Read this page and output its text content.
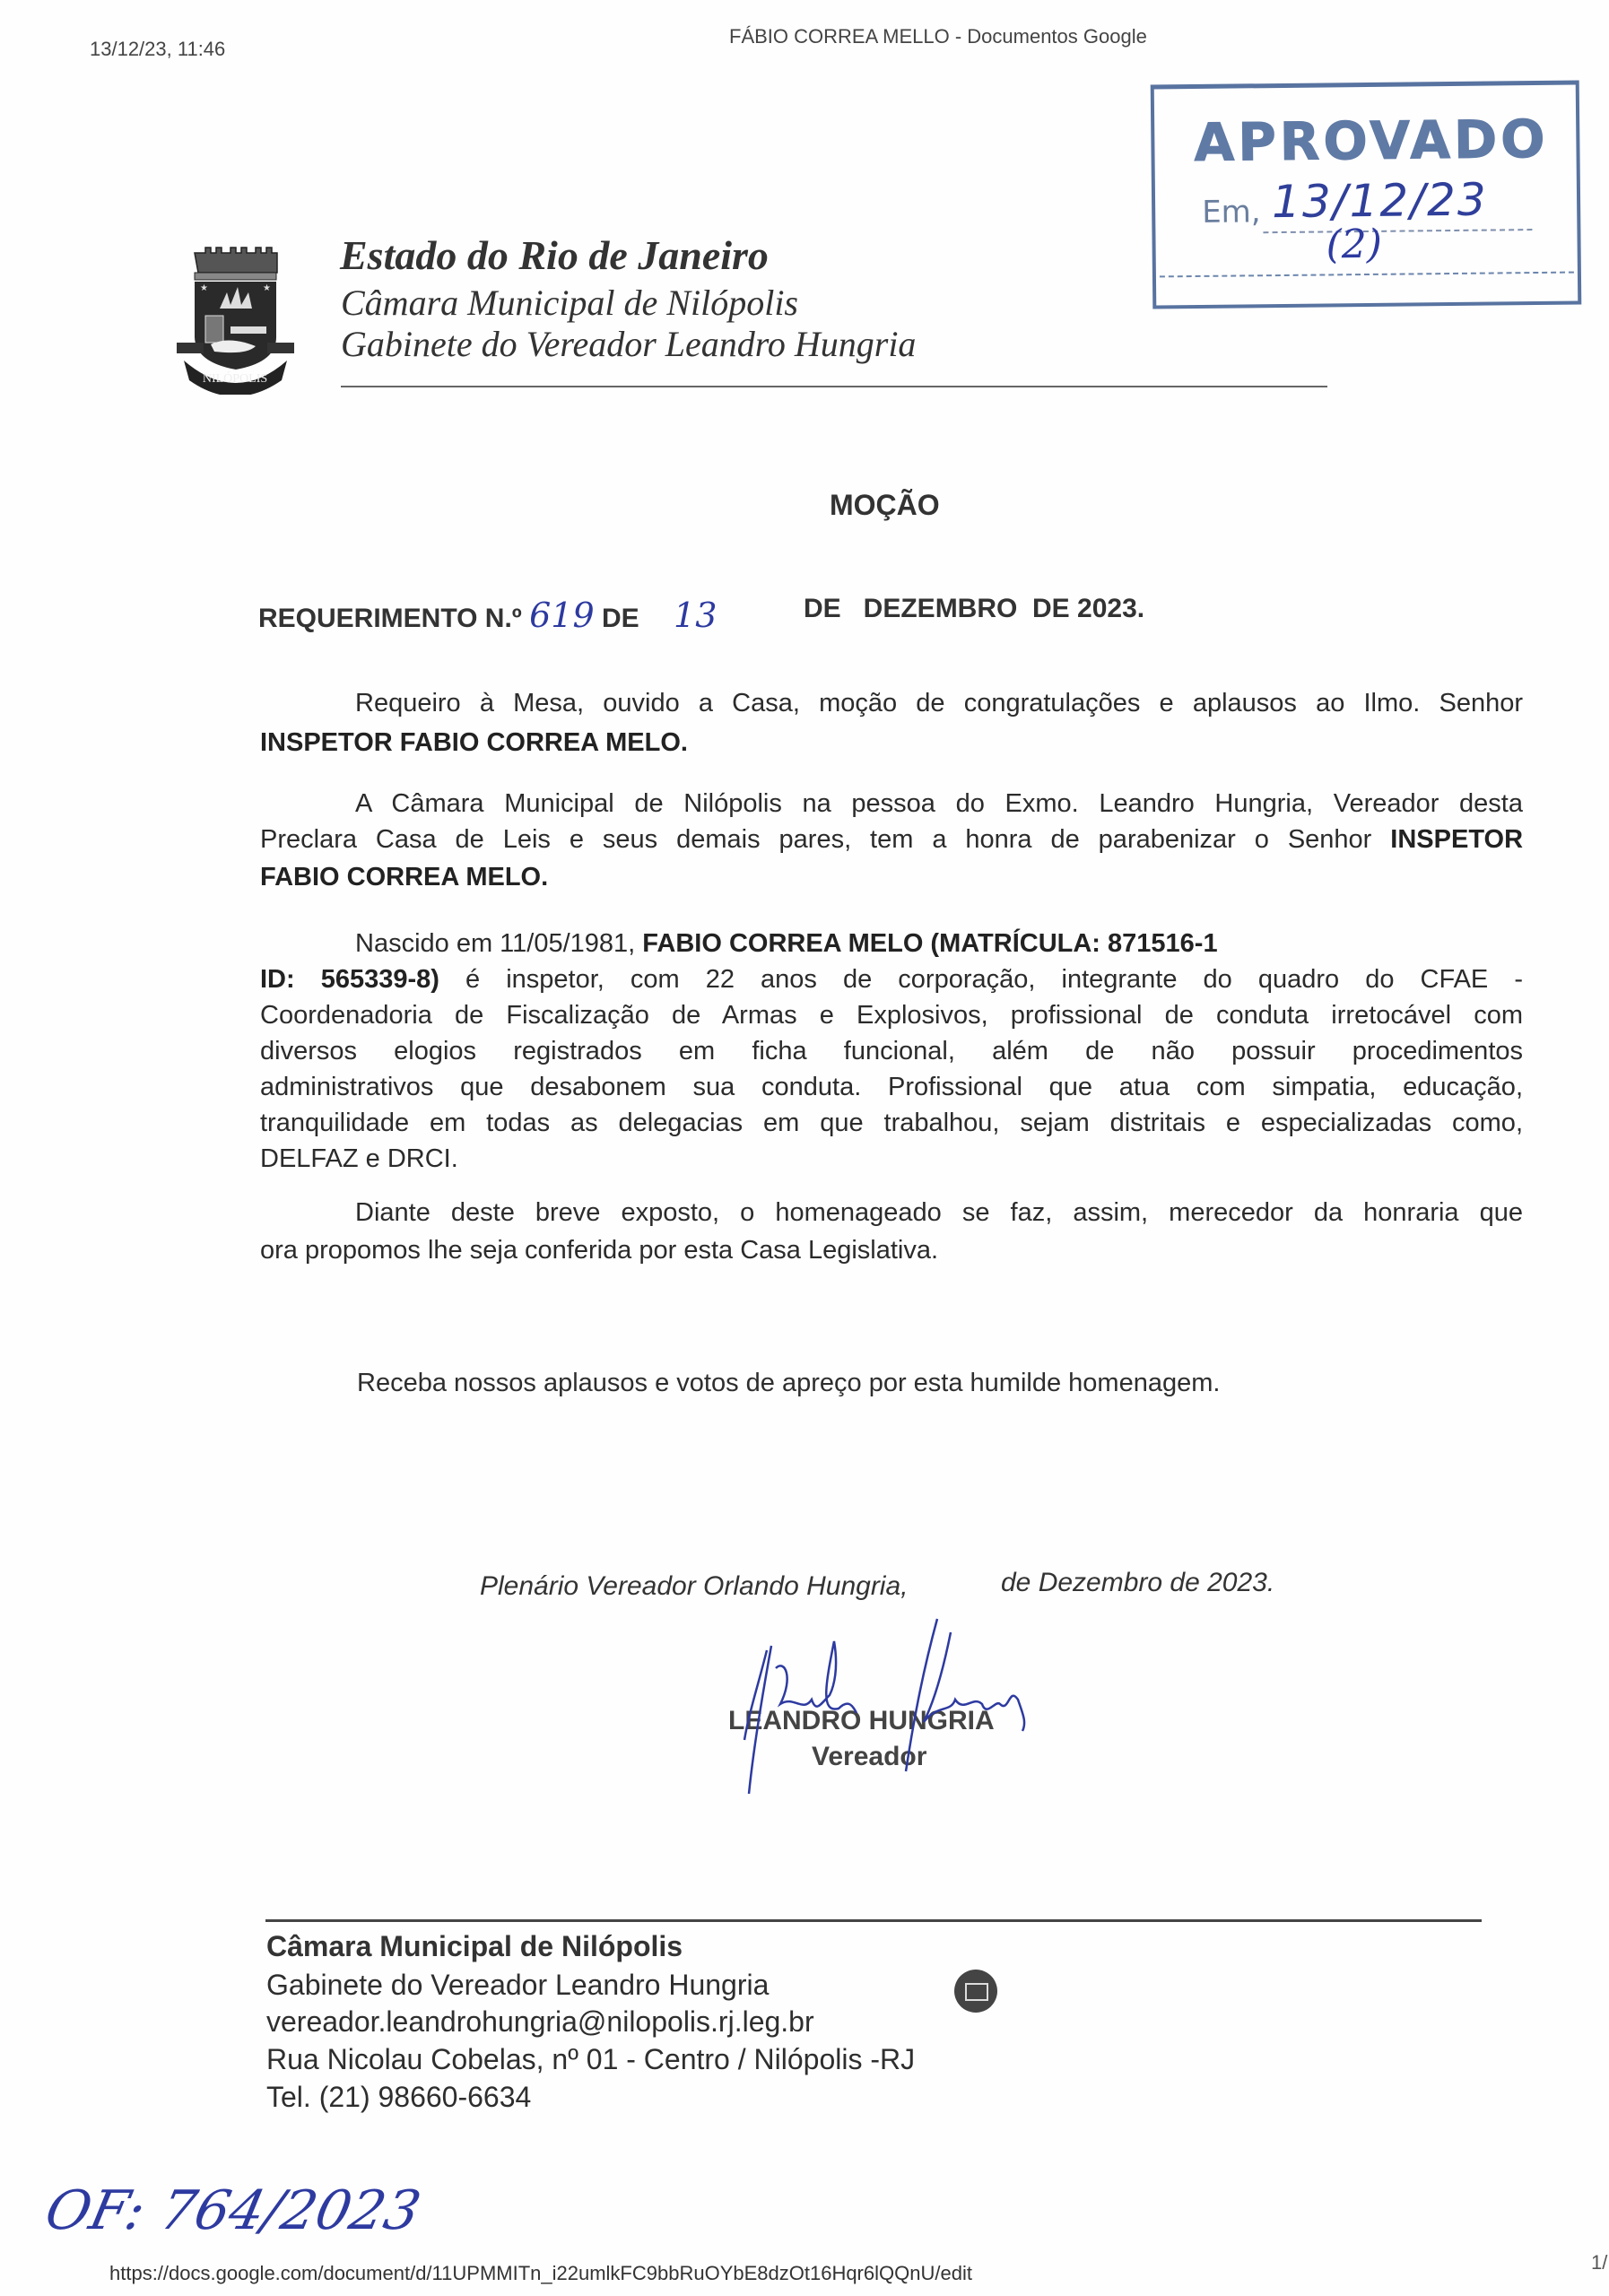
13/12/23, 11:46
FÁBIO CORREA MELLO - Documentos Google
APROVADO
Em, 13/12/23
(2)
★	★
NILÓPOLIS
Estado do Rio de Janeiro
Câmara Municipal de Nilópolis
Gabinete do Vereador Leandro Hungria
MOÇÃO
REQUERIMENTO N.º 619 DE 13	DE   DEZEMBRO  DE 2023.
Requeiro à Mesa, ouvido a Casa, moção de congratulações e aplausos ao Ilmo. Senhor
INSPETOR FABIO CORREA MELO.
A Câmara Municipal de Nilópolis na pessoa do Exmo. Leandro Hungria, Vereador desta
Preclara Casa de Leis e seus demais pares, tem a honra de parabenizar o Senhor INSPETOR
FABIO CORREA MELO.
Nascido em 11/05/1981, FABIO CORREA MELO (MATRÍCULA: 871516-1
ID: 565339-8) é inspetor, com 22 anos de corporação, integrante do quadro do CFAE -
Coordenadoria de Fiscalização de Armas e Explosivos, profissional de conduta irretocável com
diversos elogios registrados em ficha funcional, além de não possuir procedimentos
administrativos que desabonem sua conduta. Profissional que atua com simpatia, educação,
tranquilidade em todas as delegacias em que trabalhou, sejam distritais e especializadas como,
DELFAZ e DRCI.
Diante deste breve exposto, o homenageado se faz, assim, merecedor da honraria que
ora propomos lhe seja conferida por esta Casa Legislativa.
Receba nossos aplausos e votos de apreço por esta humilde homenagem.
Plenário Vereador Orlando Hungria,	de Dezembro de 2023.
LEANDRO HUNGRIA
Vereador
Câmara Municipal de Nilópolis
Gabinete do Vereador Leandro Hungria
vereador.leandrohungria@nilopolis.rj.leg.br
Rua Nicolau Cobelas, nº 01 - Centro / Nilópolis -RJ
Tel. (21) 98660-6634
OF: 764/2023
https://docs.google.com/document/d/11UPMMITn_i22umlkFC9bbRuOYbE8dzOt16Hqr6lQQnU/edit	1/
